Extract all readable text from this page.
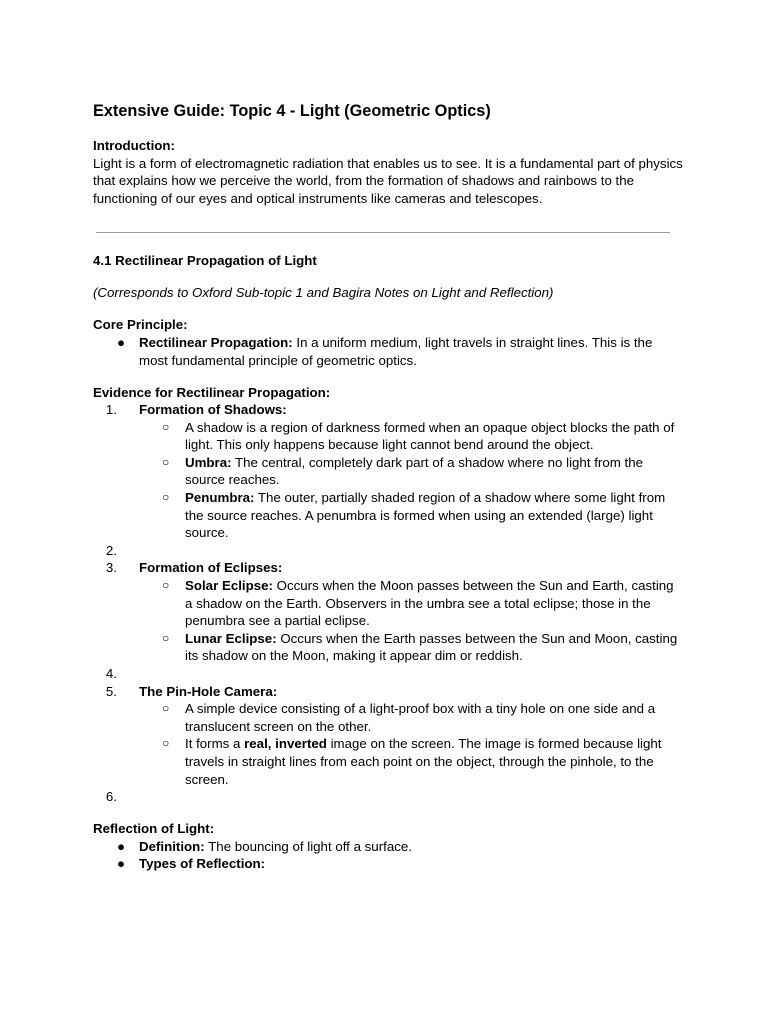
Extensive Guide: Topic 4 - Light (Geometric Optics)

Introduction:

Light is a form of electromagnetic radiation that enables us to see. It is a fundamental part of physics that explains how we perceive the world, from the formation of shadows and rainbows to the functioning of our eyes and optical instruments like cameras and telescopes.

4.1 Rectilinear Propagation of Light

(Corresponds to Oxford Sub-topic 1 and Bagira Notes on Light and Reflection)

Core Principle:

● Rectilinear Propagation: In a uniform medium, light travels in straight lines. This is the most fundamental principle of geometric optics.

Evidence for Rectilinear Propagation:

1. Formation of Shadows:
○ A shadow is a region of darkness formed when an opaque object blocks the path of light. This only happens because light cannot bend around the object.
○ Umbra: The central, completely dark part of a shadow where no light from the source reaches.
○ Penumbra: The outer, partially shaded region of a shadow where some light from the source reaches. A penumbra is formed when using an extended (large) light source.
2.
3. Formation of Eclipses:
○ Solar Eclipse: Occurs when the Moon passes between the Sun and Earth, casting a shadow on the Earth. Observers in the umbra see a total eclipse; those in the penumbra see a partial eclipse.
○ Lunar Eclipse: Occurs when the Earth passes between the Sun and Moon, casting its shadow on the Moon, making it appear dim or reddish.
4.
5. The Pin-Hole Camera:
○ A simple device consisting of a light-proof box with a tiny hole on one side and a translucent screen on the other.
○ It forms a real, inverted image on the screen. The image is formed because light travels in straight lines from each point on the object, through the pinhole, to the screen.
6.

Reflection of Light:

● Definition: The bouncing of light off a surface.
● Types of Reflection:
